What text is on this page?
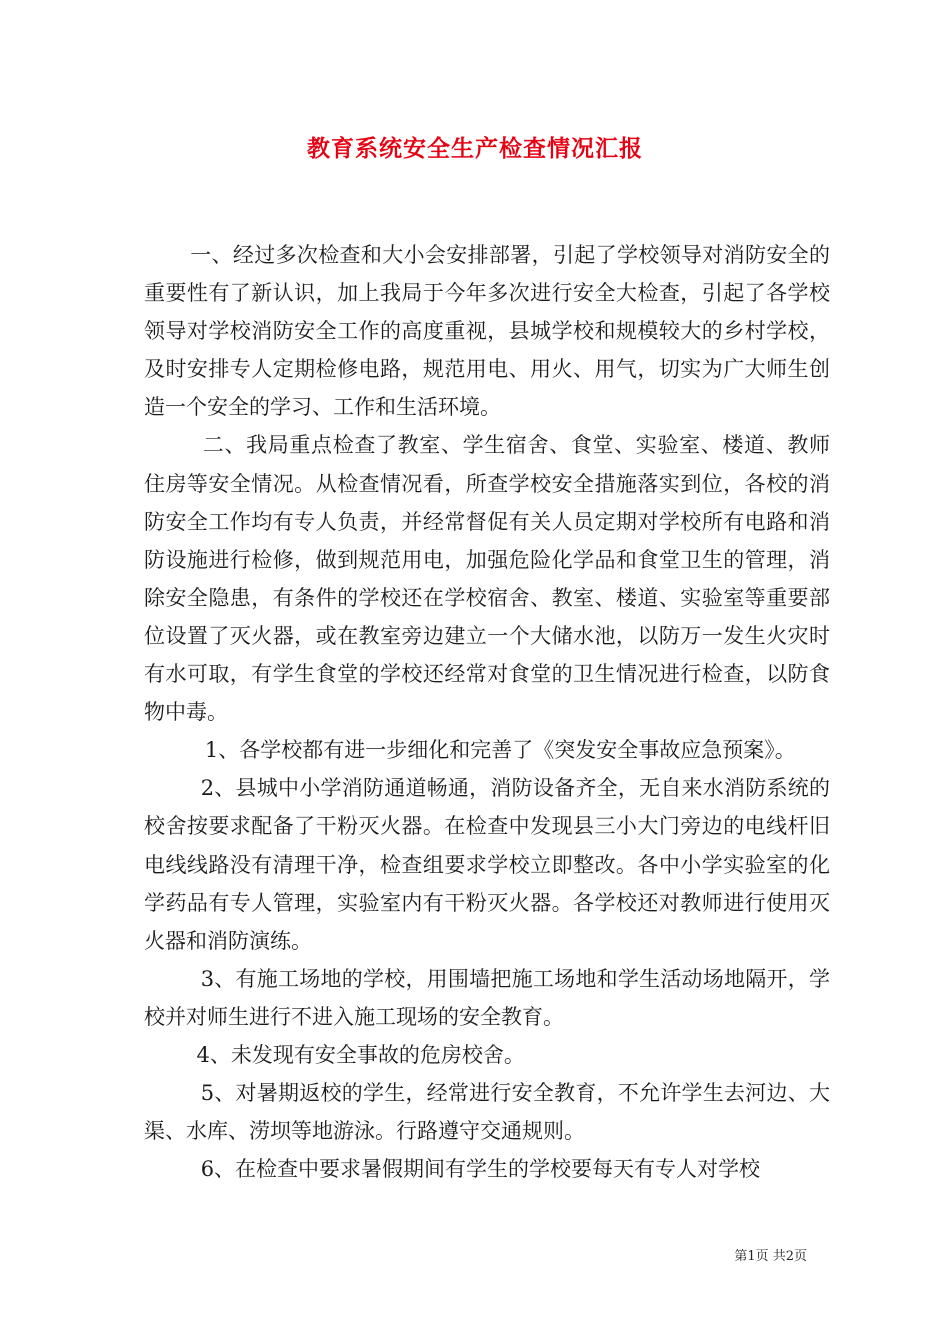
教育系统安全生产检查情况汇报

一、经过多次检查和大小会安排部署，引起了学校领导对消防安全的重要性有了新认识，加上我局于今年多次进行安全大检查，引起了各学校领导对学校消防安全工作的高度重视，县城学校和规模较大的乡村学校，及时安排专人定期检修电路，规范用电、用火、用气，切实为广大师生创造一个安全的学习、工作和生活环境。

二、我局重点检查了教室、学生宿舍、食堂、实验室、楼道、教师住房等安全情况。从检查情况看，所查学校安全措施落实到位，各校的消防安全工作均有专人负责，并经常督促有关人员定期对学校所有电路和消防设施进行检修，做到规范用电，加强危险化学品和食堂卫生的管理，消除安全隐患，有条件的学校还在学校宿舍、教室、楼道、实验室等重要部位设置了灭火器，或在教室旁边建立一个大储水池，以防万一发生火灾时有水可取，有学生食堂的学校还经常对食堂的卫生情况进行检查，以防食物中毒。

1、各学校都有进一步细化和完善了《突发安全事故应急预案》。

2、县城中小学消防通道畅通，消防设备齐全，无自来水消防系统的校舍按要求配备了干粉灭火器。在检查中发现县三小大门旁边的电线杆旧电线线路没有清理干净，检查组要求学校立即整改。各中小学实验室的化学药品有专人管理，实验室内有干粉灭火器。各学校还对教师进行使用灭火器和消防演练。

3、有施工场地的学校，用围墙把施工场地和学生活动场地隔开，学校并对师生进行不进入施工现场的安全教育。

4、未发现有安全事故的危房校舍。

5、对暑期返校的学生，经常进行安全教育，不允许学生去河边、大渠、水库、涝坝等地游泳。行路遵守交通规则。

6、在检查中要求暑假期间有学生的学校要每天有专人对学校

第1页 共2页
